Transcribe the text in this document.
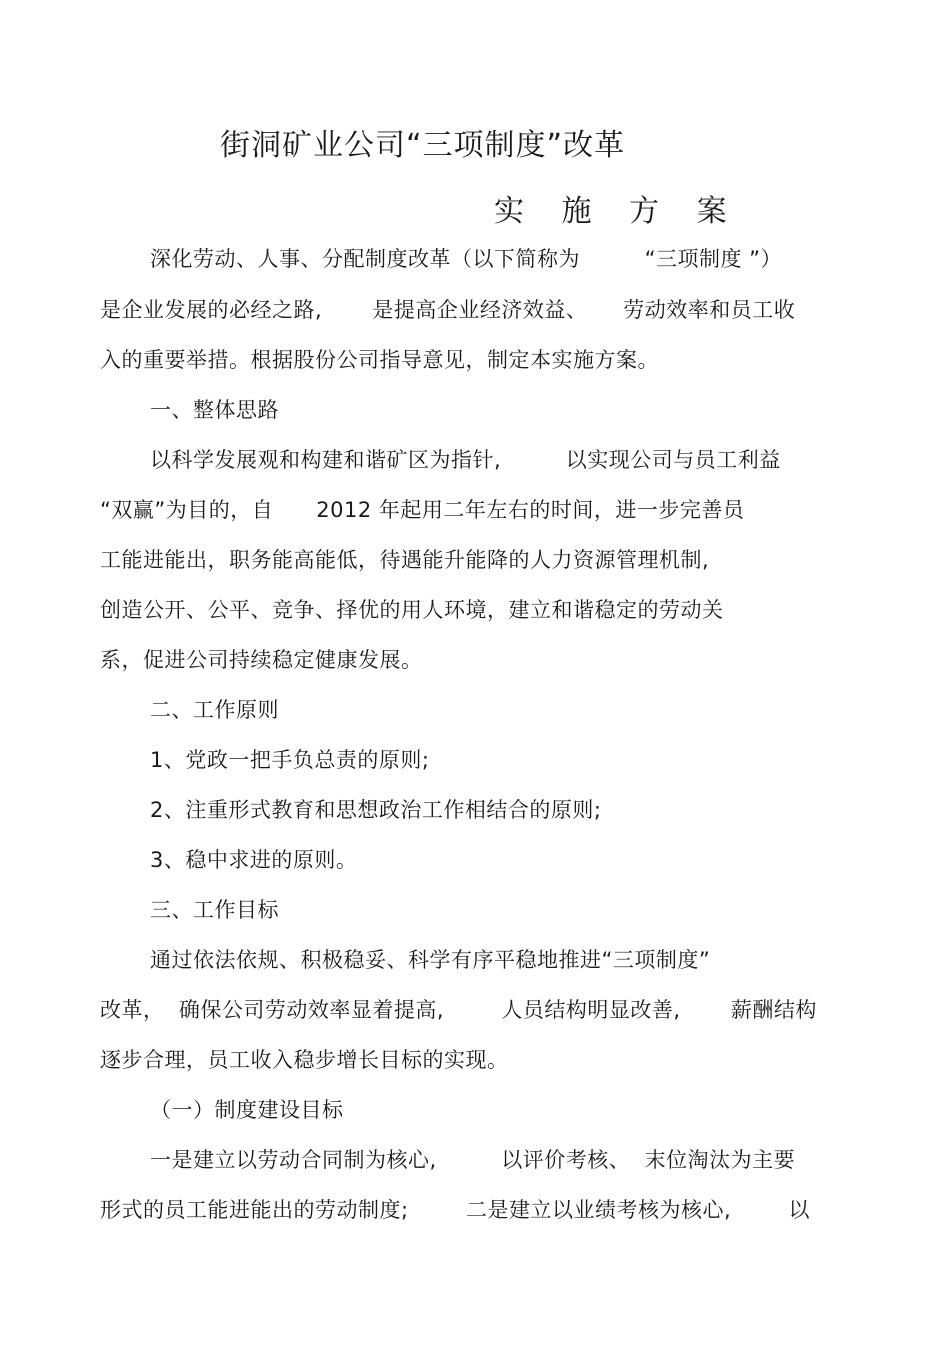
街洞矿业公司“三项制度”改革
实 施 方 案
深化劳动、人事、分配制度改革（以下简称为         “三项制度 ”）
是企业发展的必经之路,       是提高企业经济效益、     劳动效率和员工收
入的重要举措。根据股份公司指导意见，制定本实施方案。
一、整体思路
以科学发展观和构建和谐矿区为指针,         以实现公司与员工利益
“双赢”为目的，自      2012 年起用二年左右的时间，进一步完善员
工能进能出，职务能高能低，待遇能升能降的人力资源管理机制,
创造公开、公平、竞争、择优的用人环境，建立和谐稳定的劳动关
系，促进公司持续稳定健康发展。
二、工作原则
1、党政一把手负总责的原则;
2、注重形式教育和思想政治工作相结合的原则;
3、稳中求进的原则。
三、工作目标
通过依法依规、积极稳妥、科学有序平稳地推进“三项制度”
改革，  确保公司劳动效率显着提高,        人员结构明显改善,       薪酬结构
逐步合理，员工收入稳步增长目标的实现。
（一）制度建设目标
一是建立以劳动合同制为核心,         以评价考核、  末位淘汰为主要
形式的员工能进能出的劳动制度;        二是建立以业绩考核为核心,        以
